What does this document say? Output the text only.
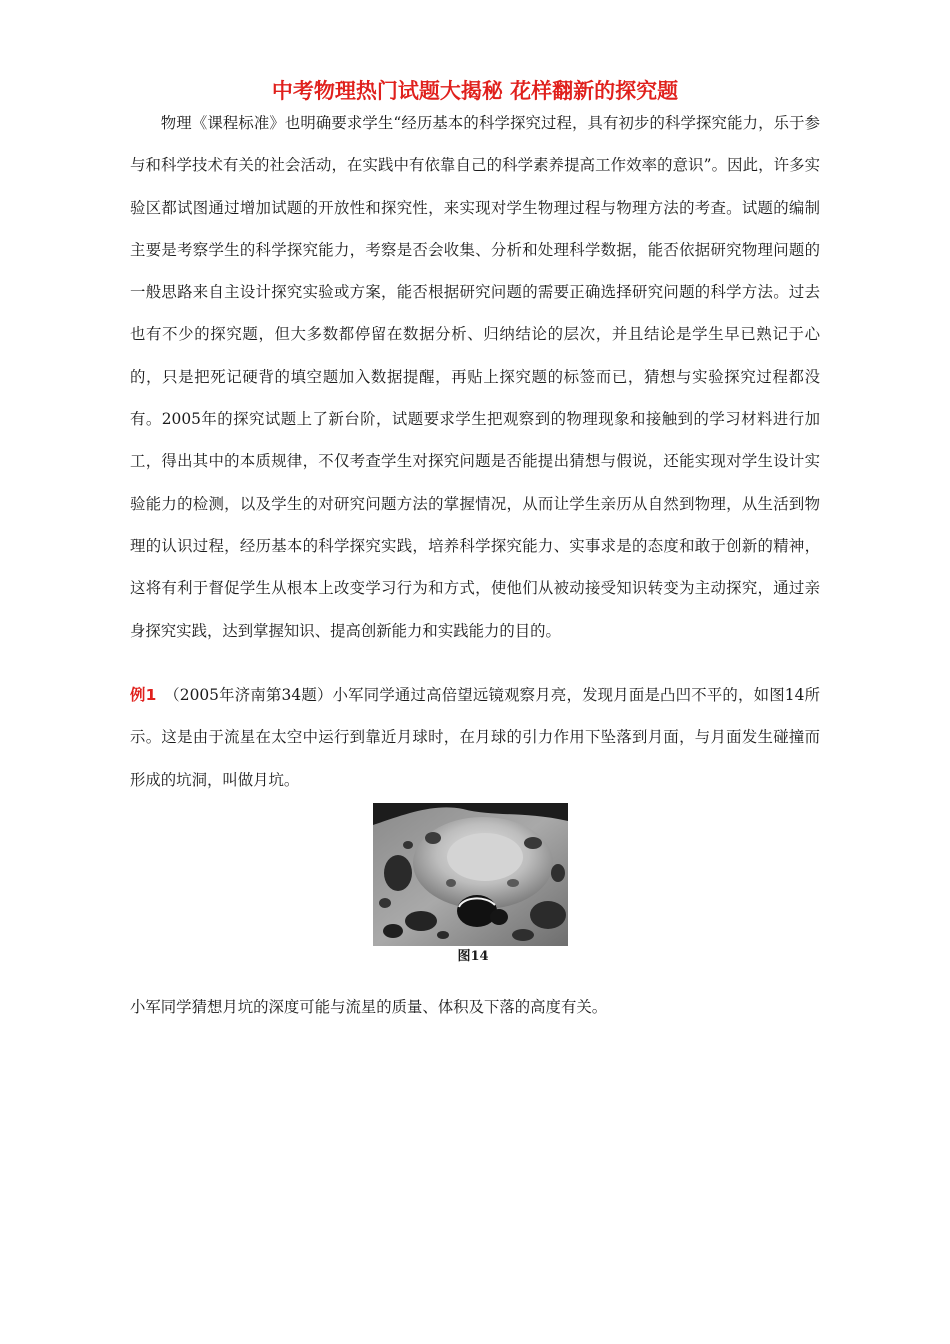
中考物理热门试题大揭秘 花样翻新的探究题

物理《课程标准》也明确要求学生“经历基本的科学探究过程，具有初步的科学探究能力，乐于参与和科学技术有关的社会活动，在实践中有依靠自己的科学素养提高工作效率的意识”。因此，许多实验区都试图通过增加试题的开放性和探究性，来实现对学生物理过程与物理方法的考查。试题的编制主要是考察学生的科学探究能力，考察是否会收集、分析和处理科学数据，能否依据研究物理问题的一般思路来自主设计探究实验或方案，能否根据研究问题的需要正确选择研究问题的科学方法。过去也有不少的探究题，但大多数都停留在数据分析、归纳结论的层次，并且结论是学生早已熟记于心的，只是把死记硬背的填空题加入数据提醒，再贴上探究题的标签而已，猜想与实验探究过程都没有。2005年的探究试题上了新台阶，试题要求学生把观察到的物理现象和接触到的学习材料进行加工，得出其中的本质规律，不仅考查学生对探究问题是否能提出猜想与假说，还能实现对学生设计实验能力的检测，以及学生的对研究问题方法的掌握情况，从而让学生亲历从自然到物理，从生活到物理的认识过程，经历基本的科学探究实践，培养科学探究能力、实事求是的态度和敢于创新的精神，这将有利于督促学生从根本上改变学习行为和方式，使他们从被动接受知识转变为主动探究，通过亲身探究实践，达到掌握知识、提高创新能力和实践能力的目的。

例1 （2005年济南第34题）小军同学通过高倍望远镜观察月亮，发现月面是凸凹不平的，如图14所示。这是由于流星在太空中运行到靠近月球时，在月球的引力作用下坠落到月面，与月面发生碰撞而形成的坑洞，叫做月坑。

图14

小军同学猜想月坑的深度可能与流星的质量、体积及下落的高度有关。
